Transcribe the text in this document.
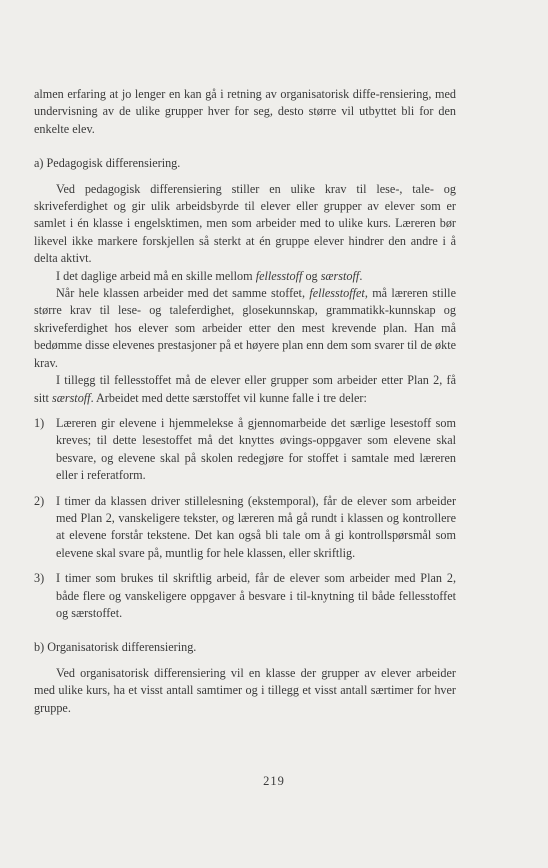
almen erfaring at jo lenger en kan gå i retning av organisatorisk diffe-rensiering, med undervisning av de ulike grupper hver for seg, desto større vil utbyttet bli for den enkelte elev.

a) Pedagogisk differensiering.

Ved pedagogisk differensiering stiller en ulike krav til lese-, tale- og skriveferdighet og gir ulik arbeidsbyrde til elever eller grupper av elever som er samlet i én klasse i engelsktimen, men som arbeider med to ulike kurs. Læreren bør likevel ikke markere forskjellen så sterkt at én gruppe elever hindrer den andre i å delta aktivt.

I det daglige arbeid må en skille mellom fellesstoff og særstoff.

Når hele klassen arbeider med det samme stoffet, fellesstoffet, må læreren stille større krav til lese- og taleferdighet, glosekunnskap, grammatikk-kunnskap og skriveferdighet hos elever som arbeider etter den mest krevende plan. Han må bedømme disse elevenes prestasjoner på et høyere plan enn dem som svarer til de økte krav.

I tillegg til fellesstoffet må de elever eller grupper som arbeider etter Plan 2, få sitt særstoff. Arbeidet med dette særstoffet vil kunne falle i tre deler:

1) Læreren gir elevene i hjemmelekse å gjennomarbeide det særlige lesestoff som kreves; til dette lesestoffet må det knyttes øvings-oppgaver som elevene skal besvare, og elevene skal på skolen redegjøre for stoffet i samtale med læreren eller i referatform.

2) I timer da klassen driver stillelesning (ekstemporal), får de elever som arbeider med Plan 2, vanskeligere tekster, og læreren må gå rundt i klassen og kontrollere at elevene forstår tekstene. Det kan også bli tale om å gi kontrollspørsmål som elevene skal svare på, muntlig for hele klassen, eller skriftlig.

3) I timer som brukes til skriftlig arbeid, får de elever som arbeider med Plan 2, både flere og vanskeligere oppgaver å besvare i til-knytning til både fellesstoffet og særstoffet.

b) Organisatorisk differensiering.

Ved organisatorisk differensiering vil en klasse der grupper av elever arbeider med ulike kurs, ha et visst antall samtimer og i tillegg et visst antall særtimer for hver gruppe.

219
